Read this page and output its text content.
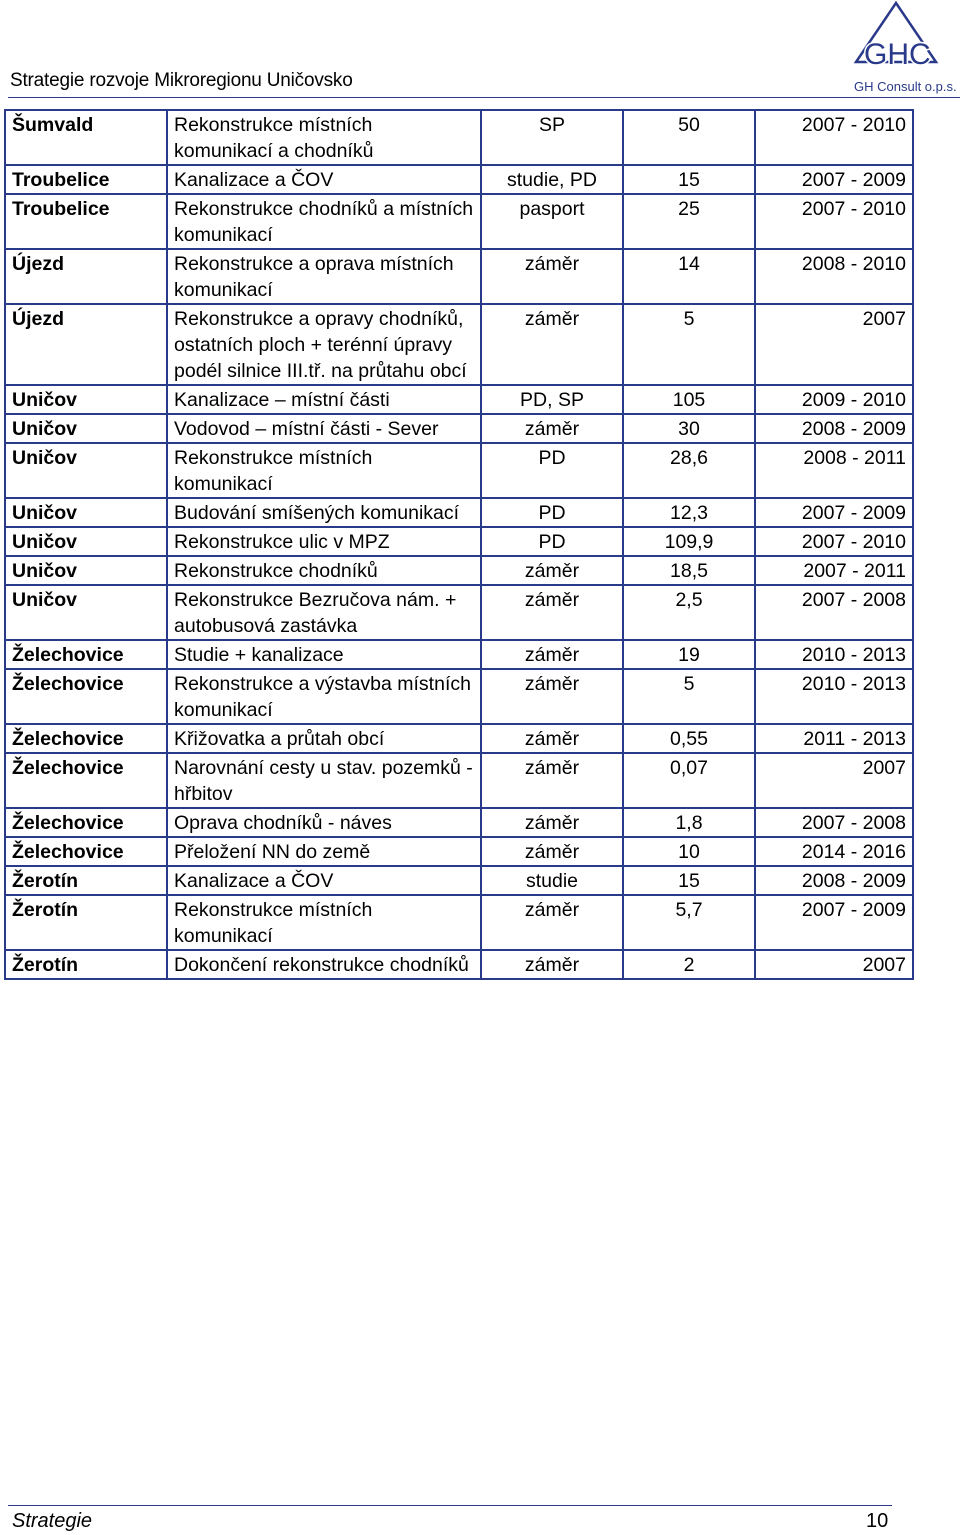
Strategie rozvoje Mikroregionu Uničovsko
GHC
GH Consult o.p.s.
Šumvald	Rekonstrukce místních komunikací a chodníků	SP	50	2007 - 2010
Troubelice	Kanalizace a ČOV	studie, PD	15	2007 - 2009
Troubelice	Rekonstrukce chodníků a místních komunikací	pasport	25	2007 - 2010
Újezd	Rekonstrukce a oprava místních komunikací	záměr	14	2008 - 2010
Újezd	Rekonstrukce a opravy chodníků, ostatních ploch + terénní úpravy podél silnice III.tř. na průtahu obcí	záměr	5	2007
Uničov	Kanalizace – místní části	PD, SP	105	2009 - 2010
Uničov	Vodovod – místní části - Sever	záměr	30	2008 - 2009
Uničov	Rekonstrukce místních komunikací	PD	28,6	2008 - 2011
Uničov	Budování smíšených komunikací	PD	12,3	2007 - 2009
Uničov	Rekonstrukce ulic v MPZ	PD	109,9	2007 - 2010
Uničov	Rekonstrukce chodníků	záměr	18,5	2007 - 2011
Uničov	Rekonstrukce Bezručova nám. + autobusová zastávka	záměr	2,5	2007 - 2008
Želechovice	Studie + kanalizace	záměr	19	2010 - 2013
Želechovice	Rekonstrukce a výstavba místních komunikací	záměr	5	2010 - 2013
Želechovice	Křižovatka a průtah obcí	záměr	0,55	2011 - 2013
Želechovice	Narovnání cesty u stav. pozemků - hřbitov	záměr	0,07	2007
Želechovice	Oprava chodníků - náves	záměr	1,8	2007 - 2008
Želechovice	Přeložení NN do země	záměr	10	2014 - 2016
Žerotín	Kanalizace a ČOV	studie	15	2008 - 2009
Žerotín	Rekonstrukce místních komunikací	záměr	5,7	2007 - 2009
Žerotín	Dokončení rekonstrukce chodníků	záměr	2	2007
Strategie	10
